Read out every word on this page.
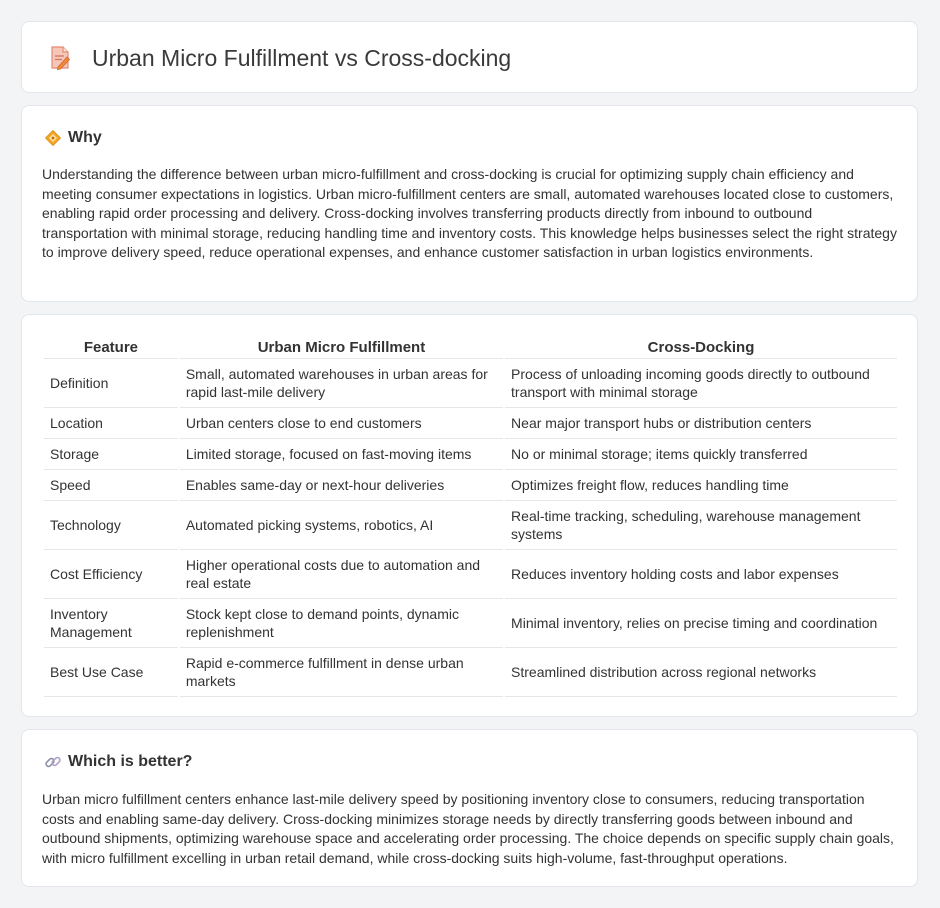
Urban Micro Fulfillment vs Cross-docking
Why

Understanding the difference between urban micro-fulfillment and cross-docking is crucial for optimizing supply chain efficiency and meeting consumer expectations in logistics. Urban micro-fulfillment centers are small, automated warehouses located close to customers, enabling rapid order processing and delivery. Cross-docking involves transferring products directly from inbound to outbound transportation with minimal storage, reducing handling time and inventory costs. This knowledge helps businesses select the right strategy to improve delivery speed, reduce operational expenses, and enhance customer satisfaction in urban logistics environments.

Feature	Urban Micro Fulfillment	Cross-Docking
Definition	Small, automated warehouses in urban areas for rapid last-mile delivery	Process of unloading incoming goods directly to outbound transport with minimal storage
Location	Urban centers close to end customers	Near major transport hubs or distribution centers
Storage	Limited storage, focused on fast-moving items	No or minimal storage; items quickly transferred
Speed	Enables same-day or next-hour deliveries	Optimizes freight flow, reduces handling time
Technology	Automated picking systems, robotics, AI	Real-time tracking, scheduling, warehouse management systems
Cost Efficiency	Higher operational costs due to automation and real estate	Reduces inventory holding costs and labor expenses
Inventory Management	Stock kept close to demand points, dynamic replenishment	Minimal inventory, relies on precise timing and coordination
Best Use Case	Rapid e-commerce fulfillment in dense urban markets	Streamlined distribution across regional networks
Which is better?

Urban micro fulfillment centers enhance last-mile delivery speed by positioning inventory close to consumers, reducing transportation costs and enabling same-day delivery. Cross-docking minimizes storage needs by directly transferring goods between inbound and outbound shipments, optimizing warehouse space and accelerating order processing. The choice depends on specific supply chain goals, with micro fulfillment excelling in urban retail demand, while cross-docking suits high-volume, fast-throughput operations.
